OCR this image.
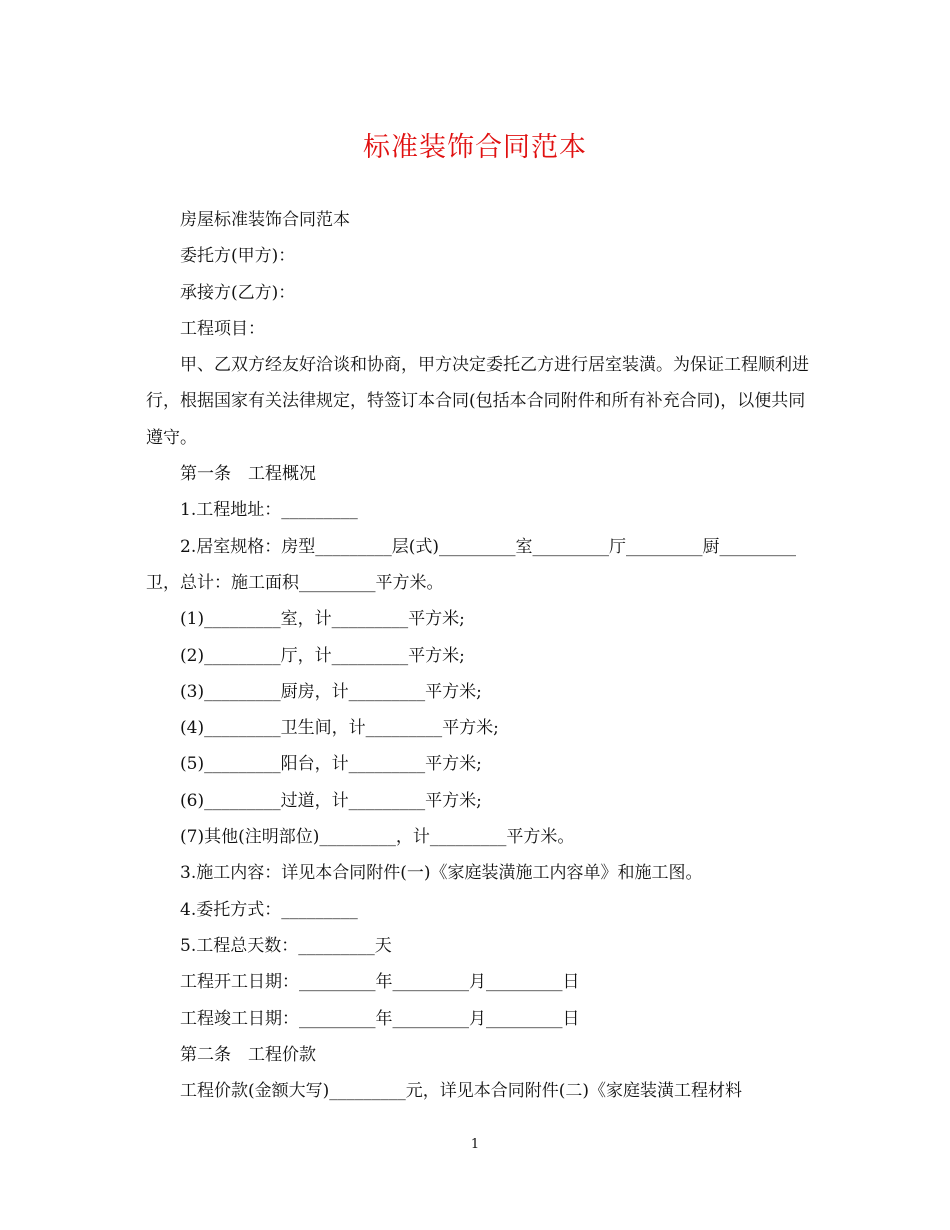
标准装饰合同范本

房屋标准装饰合同范本

委托方(甲方)：

承接方(乙方)：

工程项目：

甲、乙双方经友好洽谈和协商，甲方决定委托乙方进行居室装潢。为保证工程顺利进行，根据国家有关法律规定，特签订本合同(包括本合同附件和所有补充合同)，以便共同遵守。

第一条　工程概况

1.工程地址：_________

2.居室规格：房型_________层(式)_________室_________厅_________厨_________卫，总计：施工面积_________平方米。

(1)_________室，计_________平方米;

(2)_________厅，计_________平方米;

(3)_________厨房，计_________平方米;

(4)_________卫生间，计_________平方米;

(5)_________阳台，计_________平方米;

(6)_________过道，计_________平方米;

(7)其他(注明部位)_________，计_________平方米。

3.施工内容：详见本合同附件(一)《家庭装潢施工内容单》和施工图。

4.委托方式：_________

5.工程总天数：_________天

工程开工日期：_________年_________月_________日

工程竣工日期：_________年_________月_________日

第二条　工程价款

工程价款(金额大写)_________元，详见本合同附件(二)《家庭装潢工程材料

1
